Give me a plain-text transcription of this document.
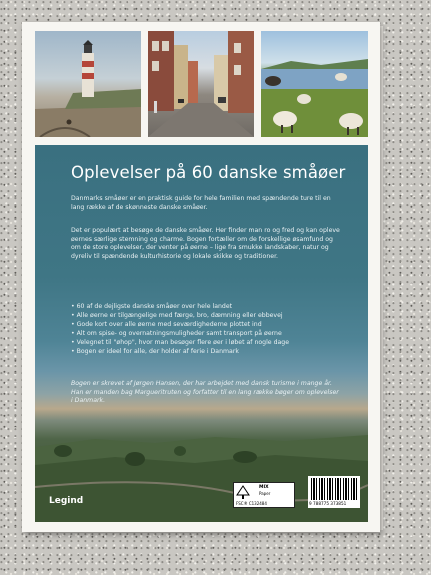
Oplevelser på 60 danske småøer

Danmarks småøer er en praktisk guide for hele familien med spændende ture til en lang række af de skønneste danske småøer.

Det er populært at besøge de danske småøer. Her finder man ro og fred og kan opleve øernes særlige stemning og charme. Bogen fortæller om de forskellige øsamfund og om de store oplevelser, der venter på øerne – lige fra smukke landskaber, natur og dyreliv til spændende kulturhistorie og lokale skikke og traditioner.

• 60 af de dejligste danske småøer over hele landet
• Alle øerne er tilgængelige med færge, bro, dæmning eller ebbevej
• Gode kort over alle øerne med seværdighederne plottet ind
• Alt om spise- og overnatningsmuligheder samt transport på øerne
• Velegnet til "øhop", hvor man besøger flere øer i løbet af nogle dage
• Bogen er ideel for alle, der holder af ferie i Danmark

Bogen er skrevet af Jørgen Hansen, der har arbejdet med dansk turisme i mange år. Han er manden bag Margueritruten og forfatter til en lang række bøger om oplevelser i Danmark.

Legind
MIX
Paper
FSC® C132484	9 788775 373851
